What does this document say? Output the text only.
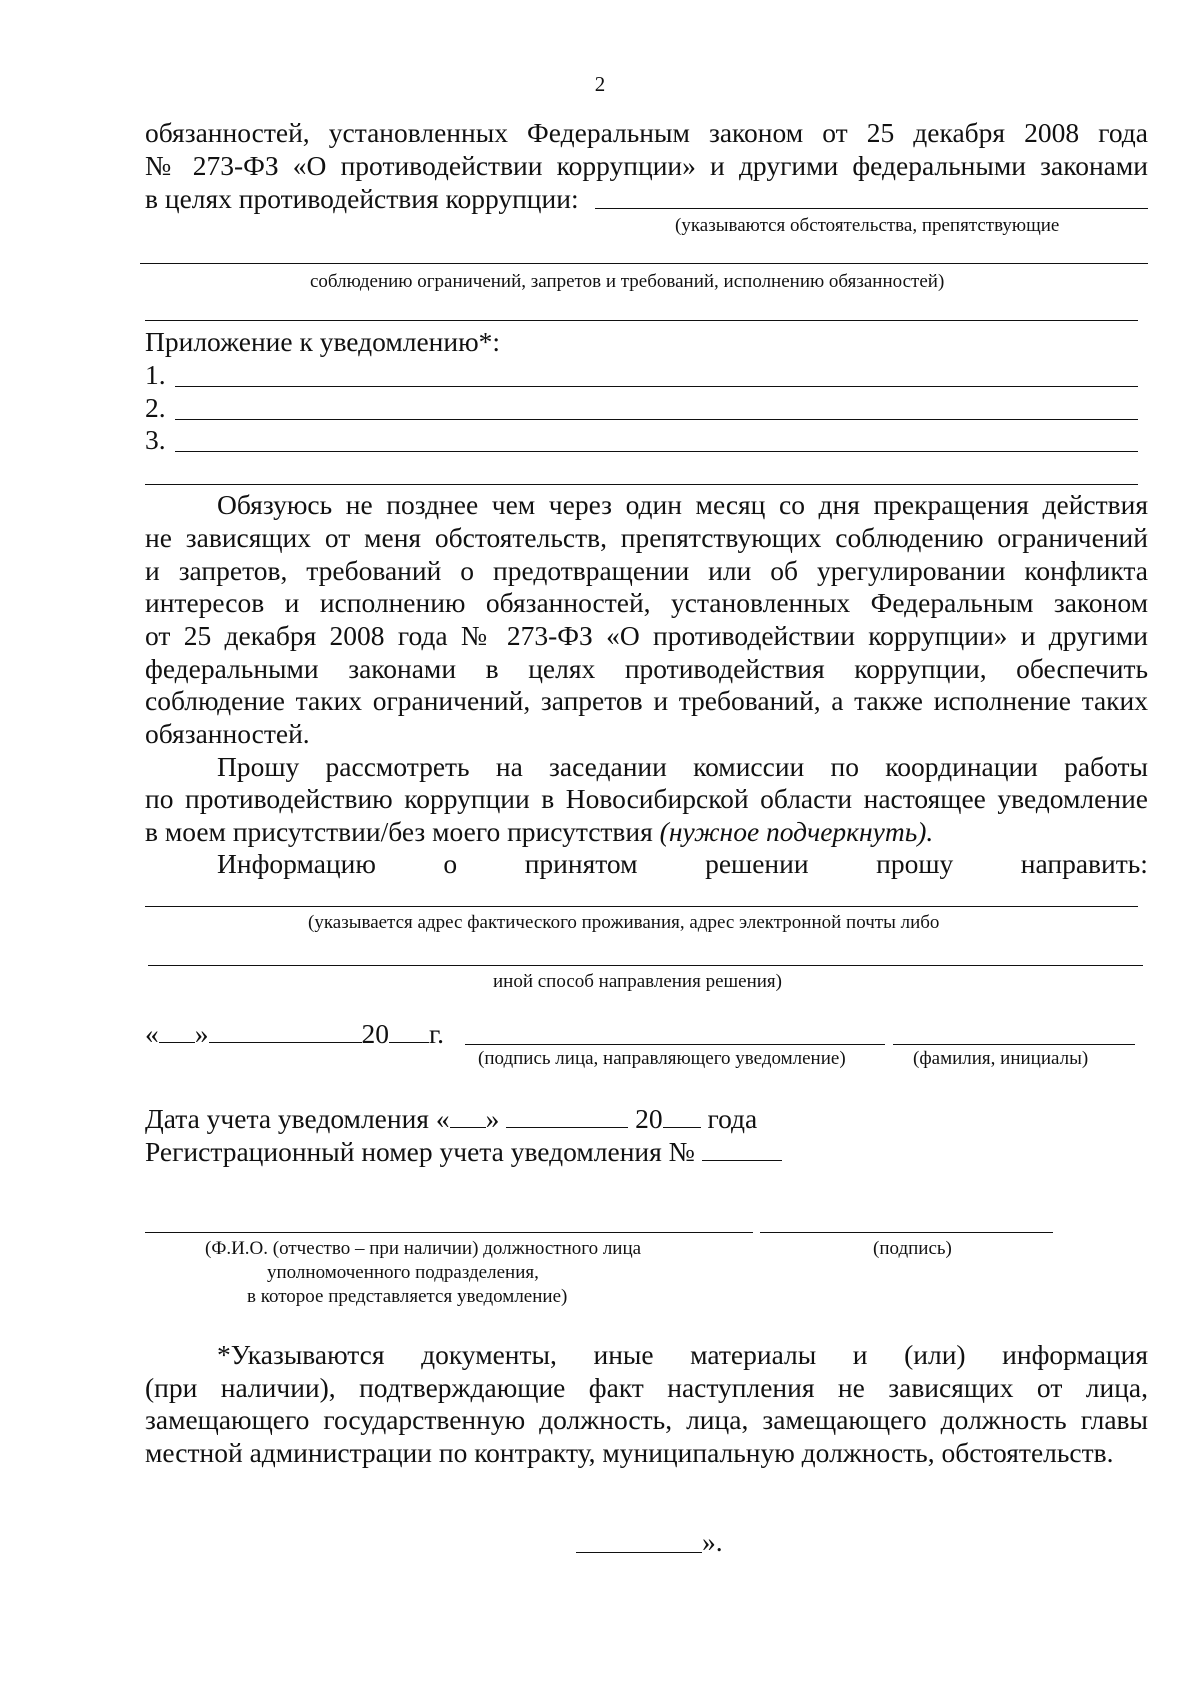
2
обязанностей, установленных Федеральным законом от 25 декабря 2008 года
№ 273-ФЗ «О противодействии коррупции» и другими федеральными законами
в целях противодействия коррупции:
(указываются обстоятельства, препятствующие
соблюдению ограничений, запретов и требований, исполнению обязанностей)
Приложение к уведомлению*:
1.
2.
3.
Обязуюсь не позднее чем через один месяц со дня прекращения действия
не зависящих от меня обстоятельств, препятствующих соблюдению ограничений
и запретов, требований о предотвращении или об урегулировании конфликта
интересов и исполнению обязанностей, установленных Федеральным законом
от 25 декабря 2008 года № 273-ФЗ «О противодействии коррупции» и другими
федеральными законами в целях противодействия коррупции, обеспечить
соблюдение таких ограничений, запретов и требований, а также исполнение таких
обязанностей.
Прошу рассмотреть на заседании комиссии по координации работы
по противодействию коррупции в Новосибирской области настоящее уведомление
в моем присутствии/без моего присутствия (нужное подчеркнуть).
Информацию о принятом решении прошу направить:
(указывается адрес фактического проживания, адрес электронной почты либо
иной способ направления решения)
« »	20 г.
(подпись лица, направляющего уведомление)	(фамилия, инициалы)
Дата учета уведомления « »	20 года
Регистрационный номер учета уведомления №
(Ф.И.О. (отчество – при наличии) должностного лица
уполномоченного подразделения,
в которое представляется уведомление)
(подпись)
*Указываются документы, иные материалы и (или) информация
(при наличии), подтверждающие факт наступления не зависящих от лица,
замещающего государственную должность, лица, замещающего должность главы
местной администрации по контракту, муниципальную должность, обстоятельств.
».
